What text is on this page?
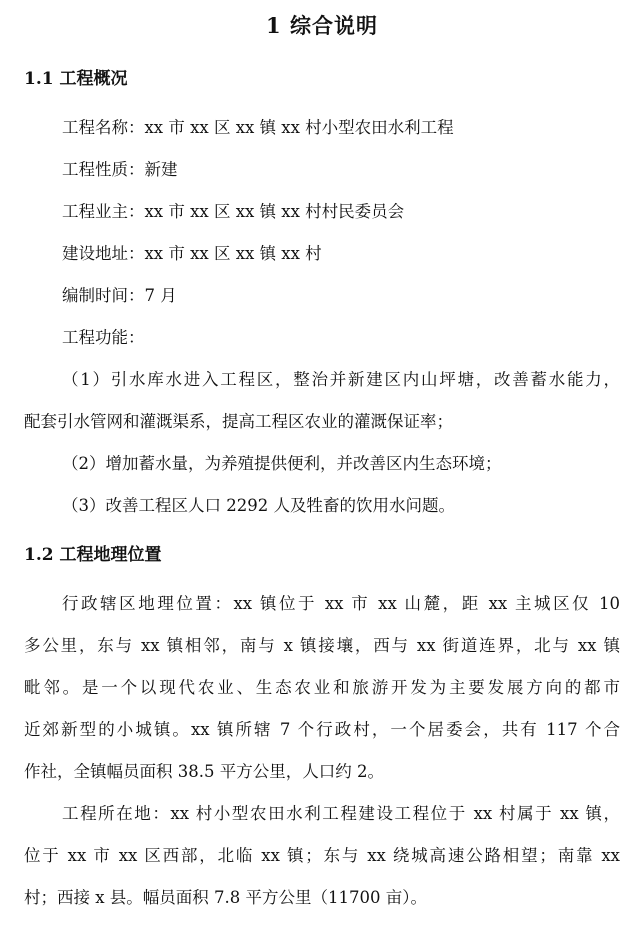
1 综合说明
1.1 工程概况
工程名称：xx 市 xx 区 xx 镇 xx 村小型农田水利工程
工程性质：新建
工程业主：xx 市 xx 区 xx 镇 xx 村村民委员会
建设地址：xx 市 xx 区 xx 镇 xx 村
编制时间：7 月
工程功能：
（1）引水库水进入工程区，整治并新建区内山坪塘，改善蓄水能力，
配套引水管网和灌溉渠系，提高工程区农业的灌溉保证率；
（2）增加蓄水量，为养殖提供便利，并改善区内生态环境；
（3）改善工程区人口 2292 人及牲畜的饮用水问题。
1.2 工程地理位置
行政辖区地理位置：xx 镇位于 xx 市 xx 山麓，距 xx 主城区仅 10
多公里，东与 xx 镇相邻，南与 x 镇接壤，西与 xx 街道连界，北与 xx 镇
毗邻。是一个以现代农业、生态农业和旅游开发为主要发展方向的都市
近郊新型的小城镇。xx 镇所辖 7 个行政村，一个居委会，共有 117 个合
作社，全镇幅员面积 38.5 平方公里，人口约 2。
工程所在地：xx 村小型农田水利工程建设工程位于 xx 村属于 xx 镇，
位于 xx 市 xx 区西部，北临 xx 镇；东与 xx 绕城高速公路相望；南靠 xx
村；西接 x 县。幅员面积 7.8 平方公里（11700 亩）。
